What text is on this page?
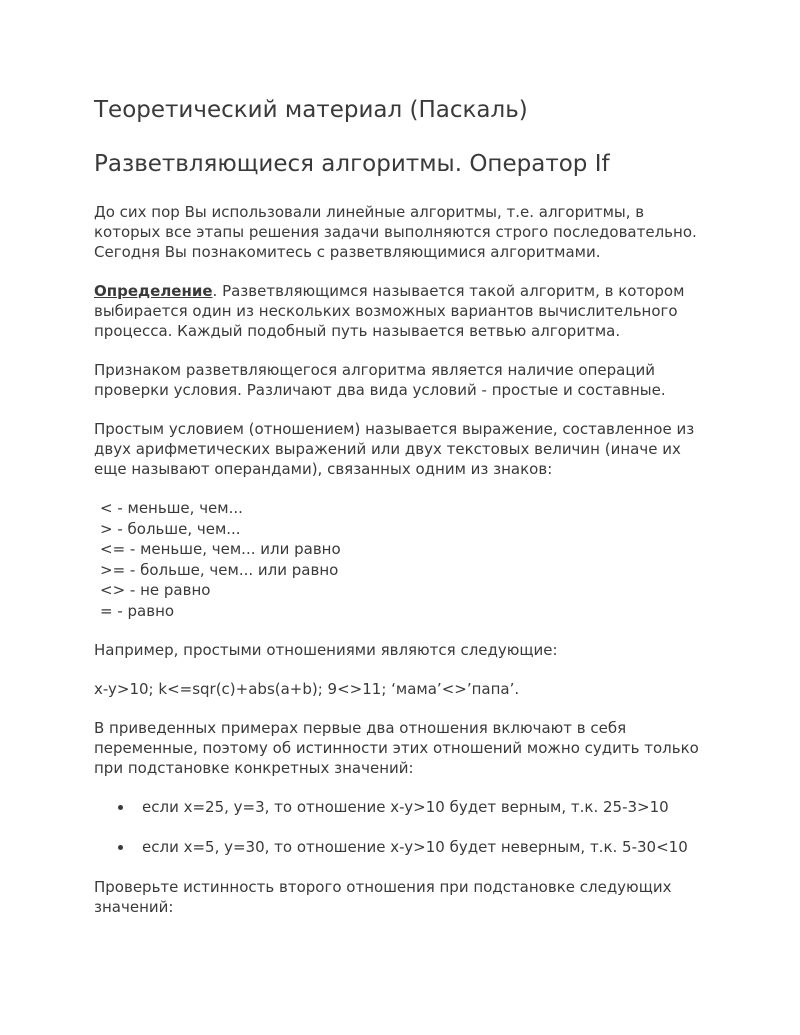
Теоретический материал (Паскаль)
Разветвляющиеся алгоритмы. Оператор If

До сих пор Вы использовали линейные алгоритмы, т.е. алгоритмы, в которых все этапы решения задачи выполняются строго последовательно. Сегодня Вы познакомитесь с разветвляющимися алгоритмами.

Определение. Разветвляющимся называется такой алгоритм, в котором выбирается один из нескольких возможных вариантов вычислительного процесса. Каждый подобный путь называется ветвью алгоритма.

Признаком разветвляющегося алгоритма является наличие операций проверки условия. Различают два вида условий - простые и составные.

Простым условием (отношением) называется выражение, составленное из двух арифметических выражений или двух текстовых величин (иначе их еще называют операндами), связанных одним из знаков:

< - меньше, чем...
> - больше, чем...
<= - меньше, чем... или равно
>= - больше, чем... или равно
<> - не равно
= - равно

Например, простыми отношениями являются следующие:

x-y>10; k<=sqr(c)+abs(a+b); 9<>11; ‘мама’<>’папа’.

В приведенных примерах первые два отношения включают в себя переменные, поэтому об истинности этих отношений можно судить только при подстановке конкретных значений:

если x=25, y=3, то отношение x-y>10 будет верным, т.к. 25-3>10
если x=5, y=30, то отношение x-y>10 будет неверным, т.к. 5-30<10

Проверьте истинность второго отношения при подстановке следующих значений:
